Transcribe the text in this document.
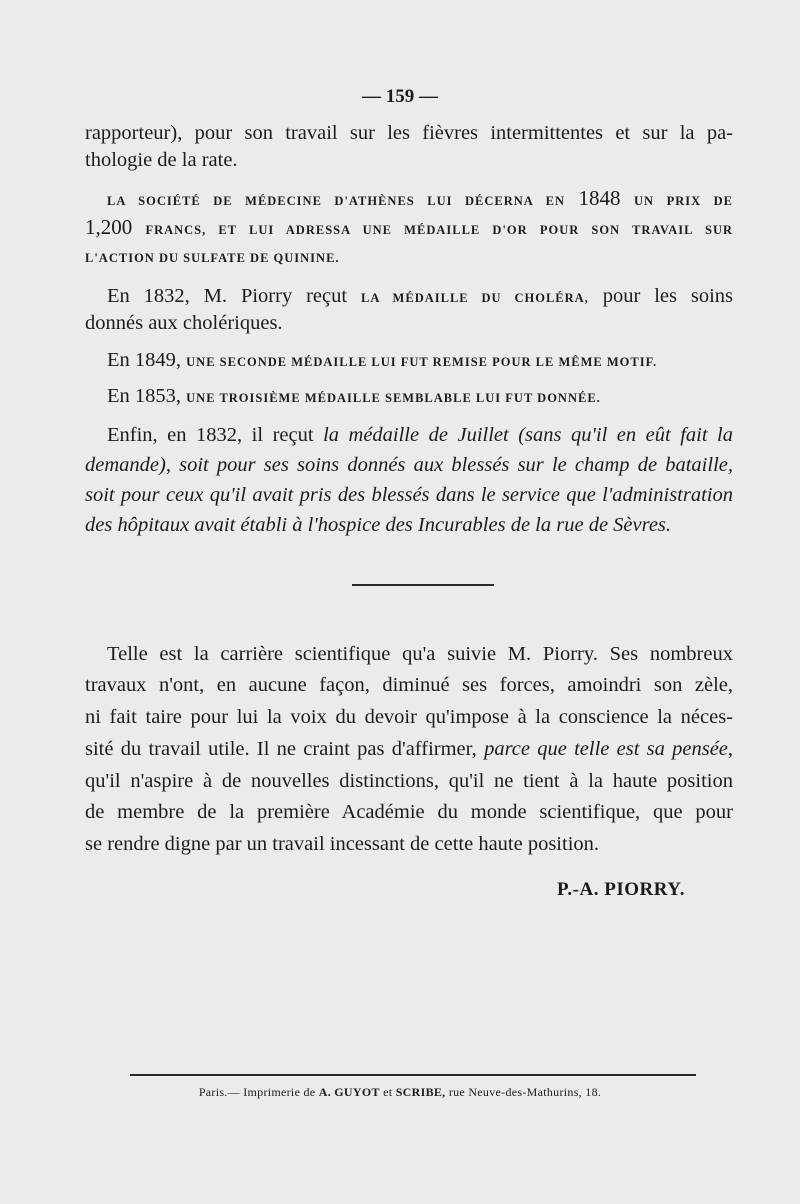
— 159 —
rapporteur), pour son travail sur les fièvres intermittentes et sur la pa-
thologie de la rate.
LA SOCIÉTÉ DE MÉDECINE D'ATHÈNES LUI DÉCERNA EN 1848 UN PRIX DE
1,200 FRANCS, ET LUI ADRESSA UNE MÉDAILLE D'OR POUR SON TRAVAIL SUR
L'ACTION DU SULFATE DE QUININE.
En 1832, M. Piorry reçut LA MÉDAILLE DU CHOLÉRA, pour les soins
donnés aux cholériques.
En 1849, UNE SECONDE MÉDAILLE LUI FUT REMISE POUR LE MÊME MOTIF.
En 1853, UNE TROISIÈME MÉDAILLE SEMBLABLE LUI FUT DONNÉE.
Enfin, en 1832, il reçut la médaille de Juillet (sans qu'il en eût fait la
demande), soit pour ses soins donnés aux blessés sur le champ de bataille,
soit pour ceux qu'il avait pris des blessés dans le service que l'administration
des hôpitaux avait établi à l'hospice des Incurables de la rue de Sèvres.
Telle est la carrière scientifique qu'a suivie M. Piorry. Ses nombreux
travaux n'ont, en aucune façon, diminué ses forces, amoindri son zèle,
ni fait taire pour lui la voix du devoir qu'impose à la conscience la néces-
sité du travail utile. Il ne craint pas d'affirmer, parce que telle est sa pensée,
qu'il n'aspire à de nouvelles distinctions, qu'il ne tient à la haute position
de membre de la première Académie du monde scientifique, que pour
se rendre digne par un travail incessant de cette haute position.
P.-A. PIORRY.
Paris.— Imprimerie de A. GUYOT et SCRIBE, rue Neuve-des-Mathurins, 18.
